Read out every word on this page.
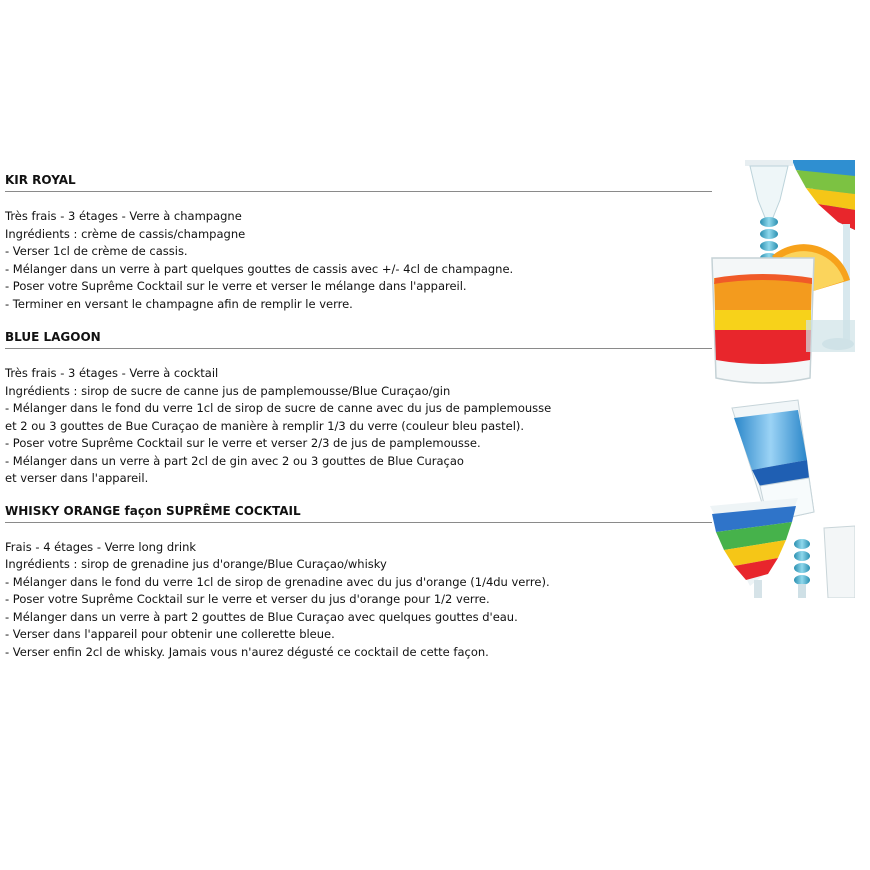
KIR ROYAL
Très frais - 3 étages - Verre à champagne
Ingrédients : crème de cassis/champagne
- Verser 1cl de crème de cassis.
- Mélanger dans un verre à part quelques gouttes de cassis avec +/- 4cl de champagne.
- Poser votre Suprême Cocktail sur le verre et verser le mélange dans l'appareil.
- Terminer en versant le champagne afin de remplir le verre.
BLUE LAGOON
Très frais - 3 étages - Verre à cocktail
Ingrédients : sirop de sucre de canne jus de pamplemousse/Blue Curaçao/gin
- Mélanger dans le fond du verre 1cl de sirop de sucre de canne avec du jus de pamplemousse
et 2 ou 3 gouttes de Bue Curaçao de manière à remplir 1/3 du verre (couleur bleu pastel).
- Poser votre Suprême Cocktail sur le verre et verser 2/3 de jus de pamplemousse.
- Mélanger dans un verre à part 2cl de gin avec 2 ou 3 gouttes de Blue Curaçao
et verser dans l'appareil.
WHISKY ORANGE façon SUPRÊME COCKTAIL
Frais - 4 étages - Verre long drink
Ingrédients : sirop de grenadine jus d'orange/Blue Curaçao/whisky
- Mélanger dans le fond du verre 1cl de sirop de grenadine avec du jus d'orange (1/4du verre).
- Poser votre Suprême Cocktail sur le verre et verser du jus d'orange pour 1/2 verre.
- Mélanger dans un verre à part 2 gouttes de Blue Curaçao avec quelques gouttes d'eau.
- Verser dans l'appareil pour obtenir une collerette bleue.
- Verser enfin 2cl de whisky. Jamais vous n'aurez dégusté ce cocktail de cette façon.
